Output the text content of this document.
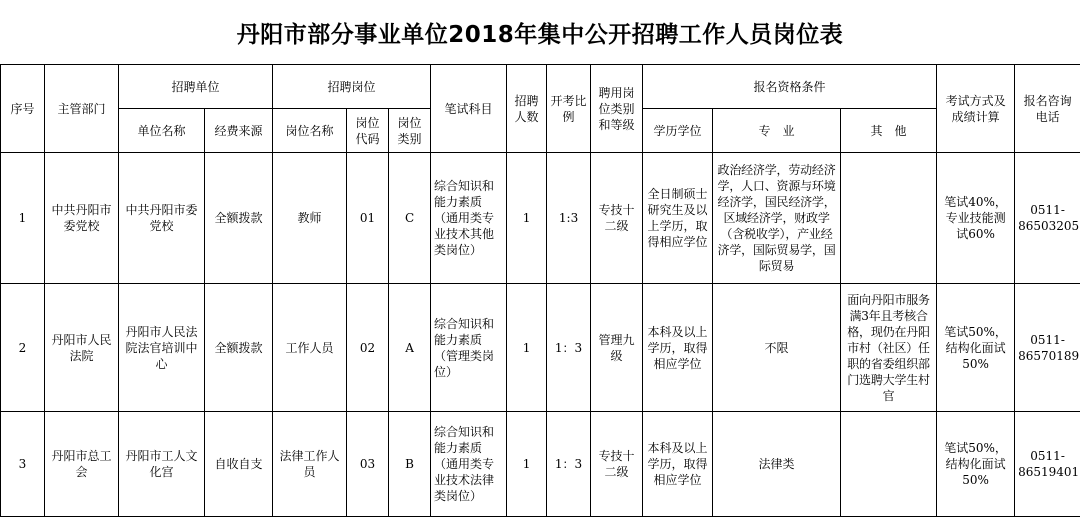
丹阳市部分事业单位2018年集中公开招聘工作人员岗位表
序号	主管部门	招聘单位		招聘岗位			笔试科目	招聘人数	开考比例	聘用岗位类别和等级	报名资格条件			考试方式及成绩计算	报名咨询电话
		单位名称	经费来源	岗位名称	岗位代码	岗位类别					学历学位	专　业	其　他		
1	中共丹阳市委党校	中共丹阳市委党校	全额拨款	教师	01	C	综合知识和能力素质（通用类专业技术其他类岗位）	1	1:3	专技十二级	全日制硕士研究生及以上学历，取得相应学位	政治经济学，劳动经济学，人口、资源与环境经济学，国民经济学，区域经济学，财政学（含税收学），产业经济学，国际贸易学，国际贸易		笔试40%，专业技能测试60%	0511-86503205
2	丹阳市人民法院	丹阳市人民法院法官培训中心	全额拨款	工作人员	02	A	综合知识和能力素质（管理类岗位）	1	1：3	管理九级	本科及以上学历，取得相应学位	不限	面向丹阳市服务满3年且考核合格，现仍在丹阳市村（社区）任职的省委组织部门选聘大学生村官	笔试50%，结构化面试50%	0511-86570189
3	丹阳市总工会	丹阳市工人文化宫	自收自支	法律工作人员	03	B	综合知识和能力素质（通用类专业技术法律类岗位）	1	1：3	专技十二级	本科及以上学历，取得相应学位	法律类		笔试50%，结构化面试50%	0511-86519401
